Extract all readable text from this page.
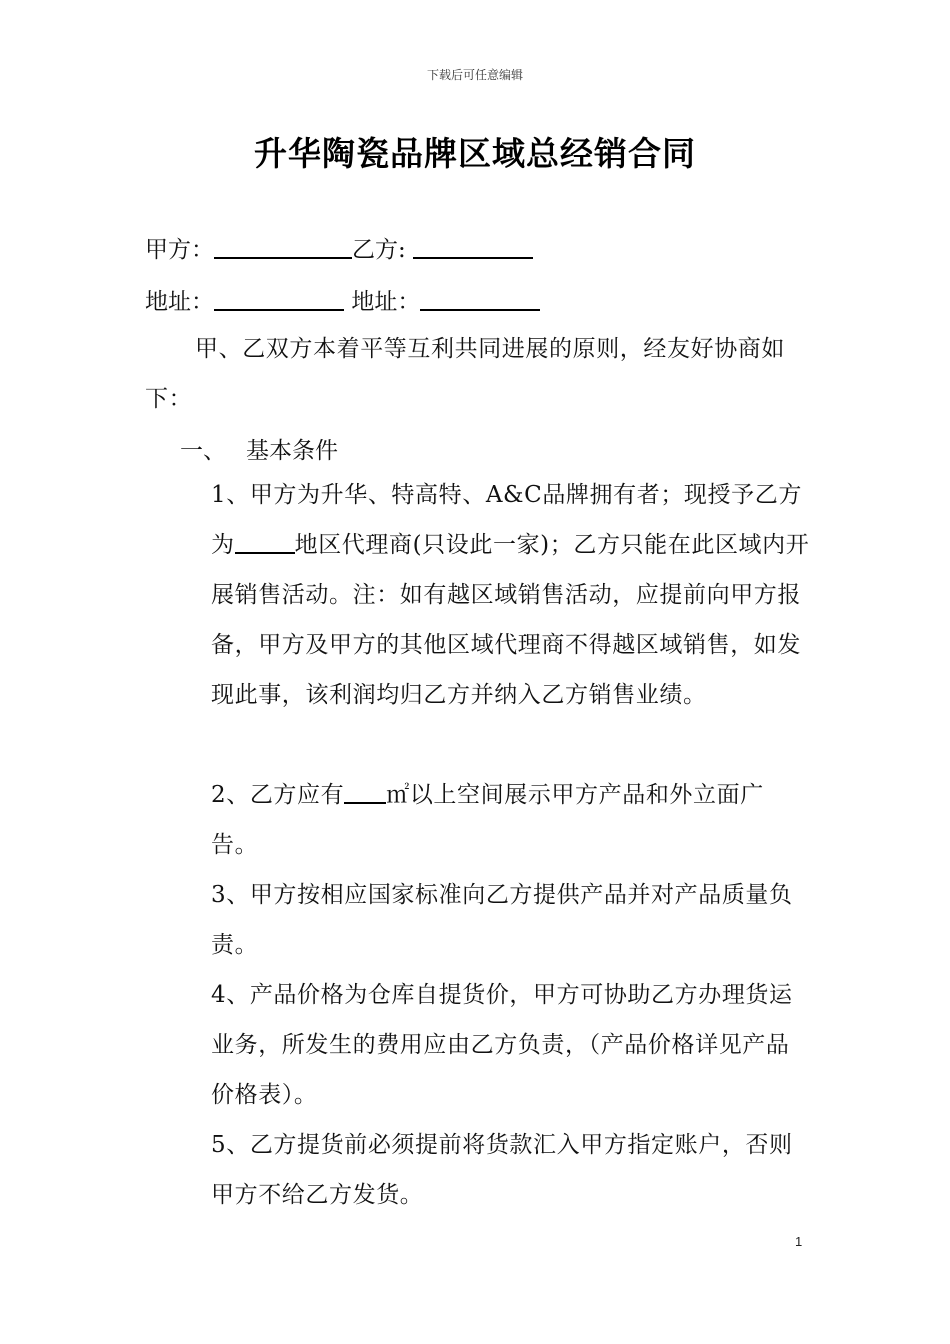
下载后可任意编辑
升华陶瓷品牌区域总经销合同
甲方：	乙方:
地址：	地址：
甲、乙双方本着平等互利共同进展的原则，经友好协商如下：
一、 基本条件
1、甲方为升华、特高特、A&C品牌拥有者；现授予乙方为	地区代理商(只设此一家)；乙方只能在此区域内开展销售活动。注：如有越区域销售活动，应提前向甲方报备，甲方及甲方的其他区域代理商不得越区域销售，如发现此事，该利润均归乙方并纳入乙方销售业绩。
2、乙方应有 ㎡以上空间展示甲方产品和外立面广告。
3、甲方按相应国家标准向乙方提供产品并对产品质量负责。
4、产品价格为仓库自提货价，甲方可协助乙方办理货运业务，所发生的费用应由乙方负责，（产品价格详见产品价格表）。
5、乙方提货前必须提前将货款汇入甲方指定账户，否则甲方不给乙方发货。
1
